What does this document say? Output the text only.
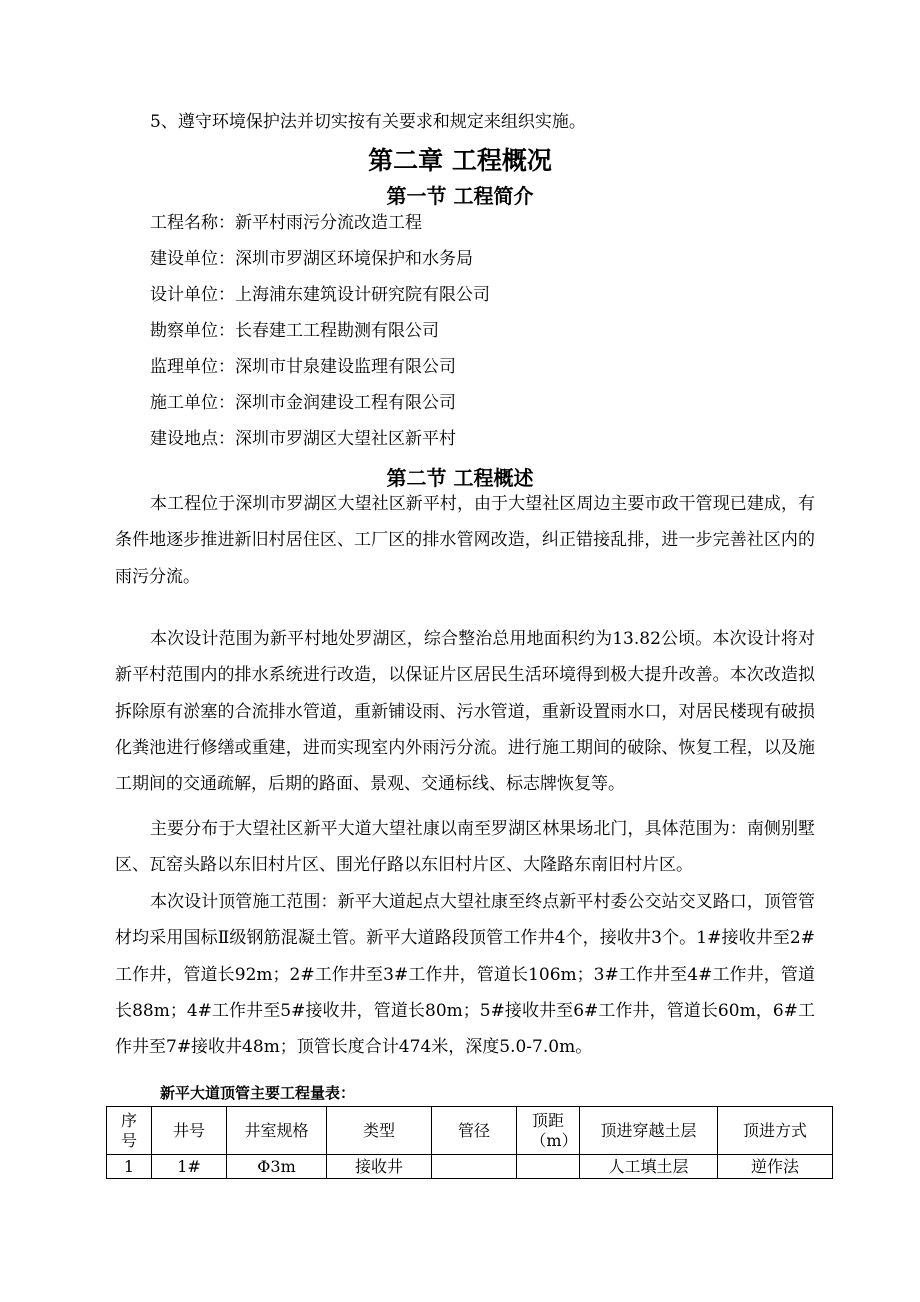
5、遵守环境保护法并切实按有关要求和规定来组织实施。
第二章 工程概况
第一节 工程简介
工程名称：新平村雨污分流改造工程
建设单位：深圳市罗湖区环境保护和水务局
设计单位：上海浦东建筑设计研究院有限公司
勘察单位：长春建工工程勘测有限公司
监理单位：深圳市甘泉建设监理有限公司
施工单位：深圳市金润建设工程有限公司
建设地点：深圳市罗湖区大望社区新平村
第二节 工程概述
本工程位于深圳市罗湖区大望社区新平村，由于大望社区周边主要市政干管现已建成，有条件地逐步推进新旧村居住区、工厂区的排水管网改造，纠正错接乱排，进一步完善社区内的雨污分流。
本次设计范围为新平村地处罗湖区，综合整治总用地面积约为13.82公顷。本次设计将对新平村范围内的排水系统进行改造，以保证片区居民生活环境得到极大提升改善。本次改造拟拆除原有淤塞的合流排水管道，重新铺设雨、污水管道，重新设置雨水口，对居民楼现有破损化粪池进行修缮或重建，进而实现室内外雨污分流。进行施工期间的破除、恢复工程，以及施工期间的交通疏解，后期的路面、景观、交通标线、标志牌恢复等。
主要分布于大望社区新平大道大望社康以南至罗湖区林果场北门，具体范围为：南侧别墅区、瓦窑头路以东旧村片区、围光仔路以东旧村片区、大隆路东南旧村片区。
本次设计顶管施工范围：新平大道起点大望社康至终点新平村委公交站交叉路口，顶管管材均采用国标Ⅱ级钢筋混凝土管。新平大道路段顶管工作井4个，接收井3个。1#接收井至2#工作井，管道长92m；2#工作井至3#工作井，管道长106m；3#工作井至4#工作井，管道长88m；4#工作井至5#接收井，管道长80m；5#接收井至6#工作井，管道长60m，6#工作井至7#接收井48m；顶管长度合计474米，深度5.0-7.0m。
新平大道顶管主要工程量表：
序号	井号	井室规格	类型	管径	顶距（m）	顶进穿越土层	顶进方式
1	1#	Φ3m	接收井			人工填土层	逆作法
